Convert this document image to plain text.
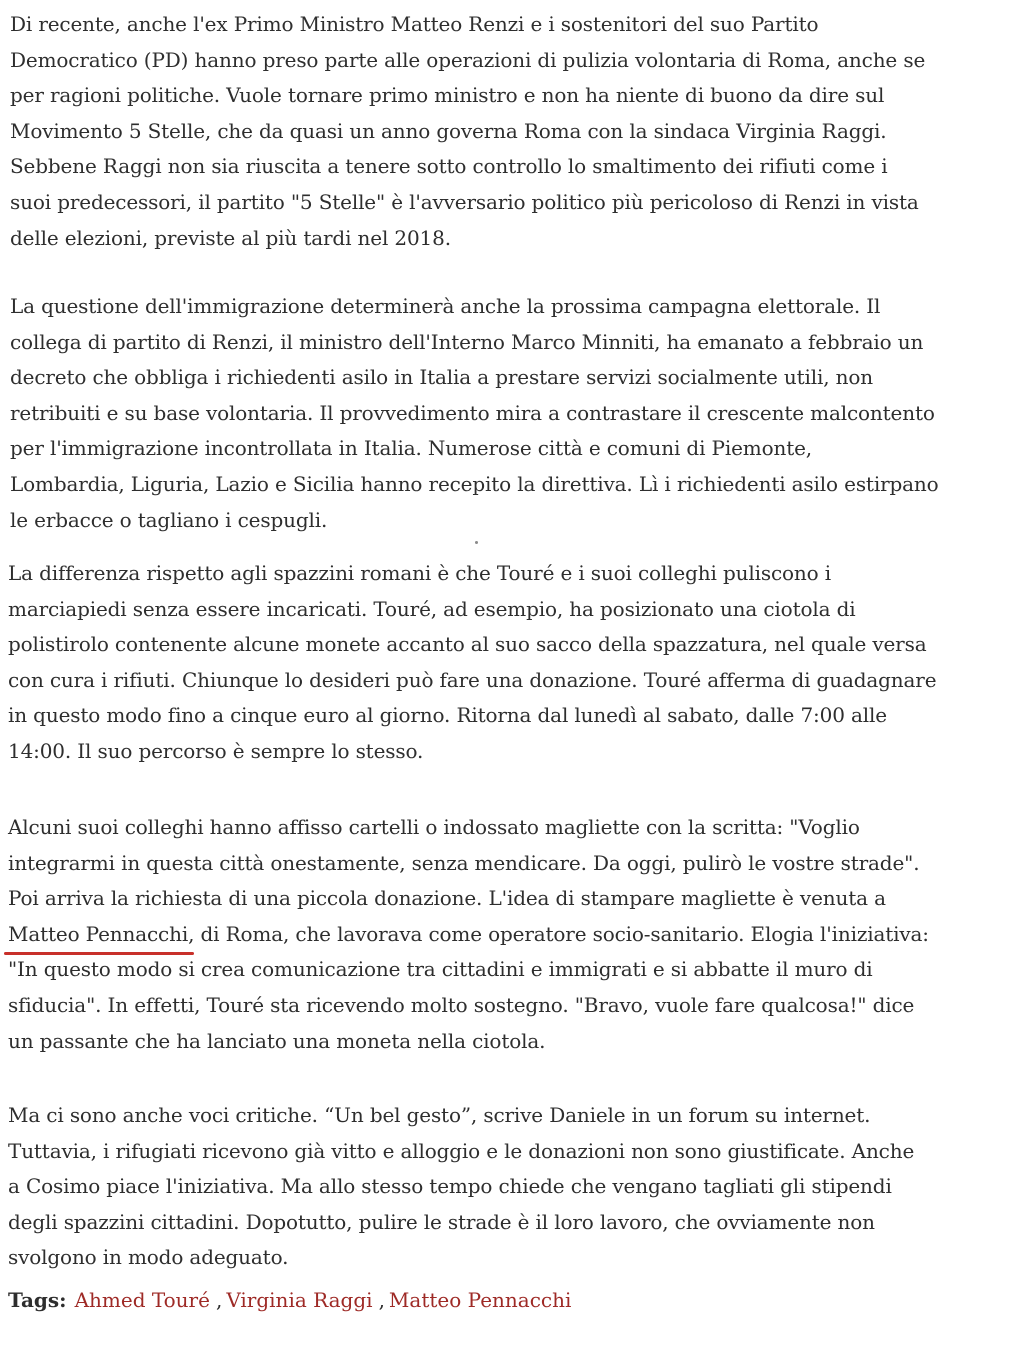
Di recente, anche l'ex Primo Ministro Matteo Renzi e i sostenitori del suo Partito
Democratico (PD) hanno preso parte alle operazioni di pulizia volontaria di Roma, anche se
per ragioni politiche. Vuole tornare primo ministro e non ha niente di buono da dire sul
Movimento 5 Stelle, che da quasi un anno governa Roma con la sindaca Virginia Raggi.
Sebbene Raggi non sia riuscita a tenere sotto controllo lo smaltimento dei rifiuti come i
suoi predecessori, il partito "5 Stelle" è l'avversario politico più pericoloso di Renzi in vista
delle elezioni, previste al più tardi nel 2018.

La questione dell'immigrazione determinerà anche la prossima campagna elettorale. Il
collega di partito di Renzi, il ministro dell'Interno Marco Minniti, ha emanato a febbraio un
decreto che obbliga i richiedenti asilo in Italia a prestare servizi socialmente utili, non
retribuiti e su base volontaria. Il provvedimento mira a contrastare il crescente malcontento
per l'immigrazione incontrollata in Italia. Numerose città e comuni di Piemonte,
Lombardia, Liguria, Lazio e Sicilia hanno recepito la direttiva. Lì i richiedenti asilo estirpano
le erbacce o tagliano i cespugli.

La differenza rispetto agli spazzini romani è che Touré e i suoi colleghi puliscono i
marciapiedi senza essere incaricati. Touré, ad esempio, ha posizionato una ciotola di
polistirolo contenente alcune monete accanto al suo sacco della spazzatura, nel quale versa
con cura i rifiuti. Chiunque lo desideri può fare una donazione. Touré afferma di guadagnare
in questo modo fino a cinque euro al giorno. Ritorna dal lunedì al sabato, dalle 7:00 alle
14:00. Il suo percorso è sempre lo stesso.

Alcuni suoi colleghi hanno affisso cartelli o indossato magliette con la scritta: "Voglio
integrarmi in questa città onestamente, senza mendicare. Da oggi, pulirò le vostre strade".
Poi arriva la richiesta di una piccola donazione. L'idea di stampare magliette è venuta a
Matteo Pennacchi, di Roma, che lavorava come operatore socio-sanitario. Elogia l'iniziativa:
"In questo modo si crea comunicazione tra cittadini e immigrati e si abbatte il muro di
sfiducia". In effetti, Touré sta ricevendo molto sostegno. "Bravo, vuole fare qualcosa!" dice
un passante che ha lanciato una moneta nella ciotola.

Ma ci sono anche voci critiche. “Un bel gesto”, scrive Daniele in un forum su internet.
Tuttavia, i rifugiati ricevono già vitto e alloggio e le donazioni non sono giustificate. Anche
a Cosimo piace l'iniziativa. Ma allo stesso tempo chiede che vengano tagliati gli stipendi
degli spazzini cittadini. Dopotutto, pulire le strade è il loro lavoro, che ovviamente non
svolgono in modo adeguato.

Tags: Ahmed Touré , Virginia Raggi , Matteo Pennacchi
